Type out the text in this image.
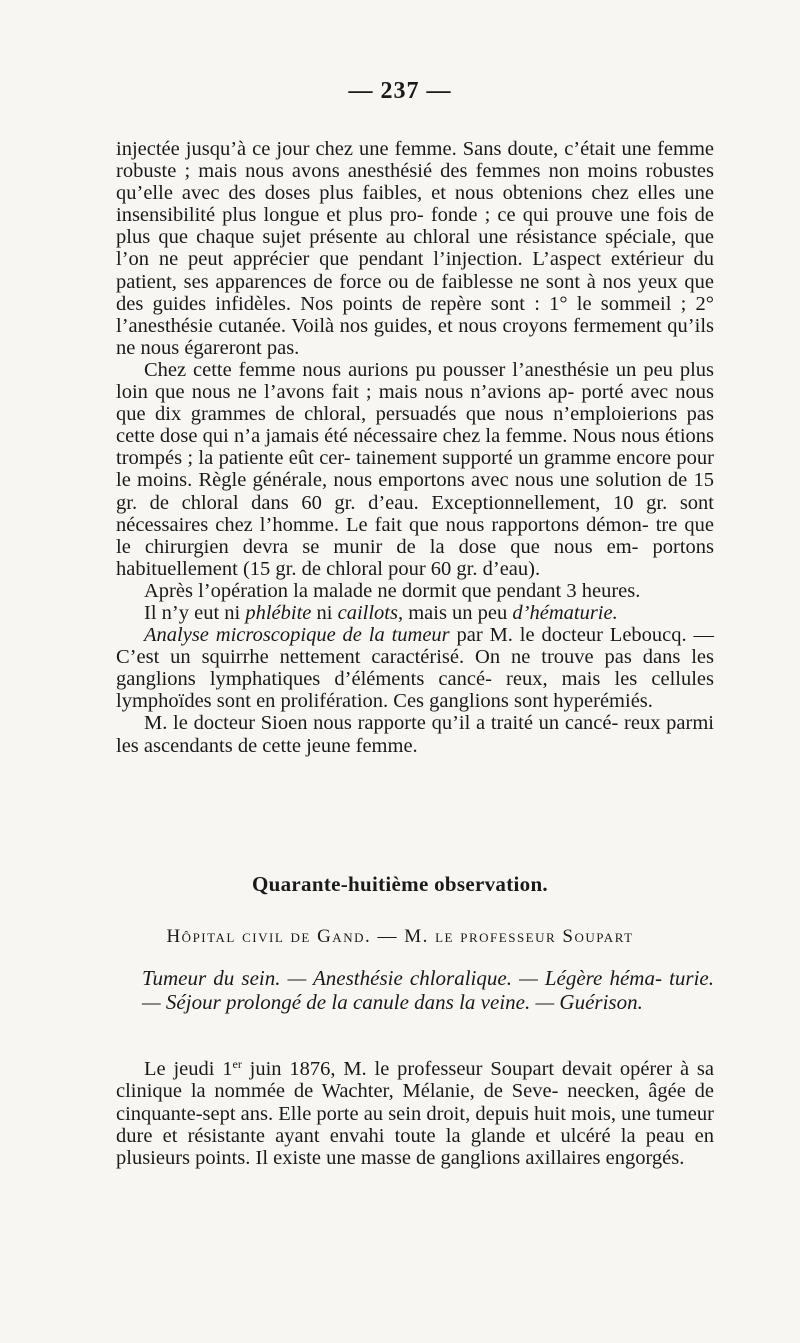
— 237 —

injectée jusqu’à ce jour chez une femme. Sans doute, c’était une femme robuste ; mais nous avons anesthésié des femmes non moins robustes qu’elle avec des doses plus faibles, et nous obtenions chez elles une insensibilité plus longue et plus pro- fonde ; ce qui prouve une fois de plus que chaque sujet présente au chloral une résistance spéciale, que l’on ne peut apprécier que pendant l’injection. L’aspect extérieur du patient, ses apparences de force ou de faiblesse ne sont à nos yeux que des guides infidèles. Nos points de repère sont : 1° le sommeil ; 2° l’anesthésie cutanée. Voilà nos guides, et nous croyons fermement qu’ils ne nous égareront pas.

Chez cette femme nous aurions pu pousser l’anesthésie un peu plus loin que nous ne l’avons fait ; mais nous n’avions ap- porté avec nous que dix grammes de chloral, persuadés que nous n’emploierions pas cette dose qui n’a jamais été nécessaire chez la femme. Nous nous étions trompés ; la patiente eût cer- tainement supporté un gramme encore pour le moins. Règle générale, nous emportons avec nous une solution de 15 gr. de chloral dans 60 gr. d’eau. Exceptionnellement, 10 gr. sont nécessaires chez l’homme. Le fait que nous rapportons démon- tre que le chirurgien devra se munir de la dose que nous em- portons habituellement (15 gr. de chloral pour 60 gr. d’eau).

Après l’opération la malade ne dormit que pendant 3 heures.

Il n’y eut ni phlébite ni caillots, mais un peu d’hématurie.

Analyse microscopique de la tumeur par M. le docteur Leboucq. — C’est un squirrhe nettement caractérisé. On ne trouve pas dans les ganglions lymphatiques d’éléments cancé- reux, mais les cellules lymphoïdes sont en prolifération. Ces ganglions sont hyperémiés.

M. le docteur Sioen nous rapporte qu’il a traité un cancé- reux parmi les ascendants de cette jeune femme.

Quarante-huitième observation.
Hôpital civil de Gand. — M. le professeur Soupart

Tumeur du sein. — Anesthésie chloralique. — Légère héma- turie. — Séjour prolongé de la canule dans la veine. — Guérison.

Le jeudi 1er juin 1876, M. le professeur Soupart devait opérer à sa clinique la nommée de Wachter, Mélanie, de Seve- neecken, âgée de cinquante-sept ans. Elle porte au sein droit, depuis huit mois, une tumeur dure et résistante ayant envahi toute la glande et ulcéré la peau en plusieurs points. Il existe une masse de ganglions axillaires engorgés.
